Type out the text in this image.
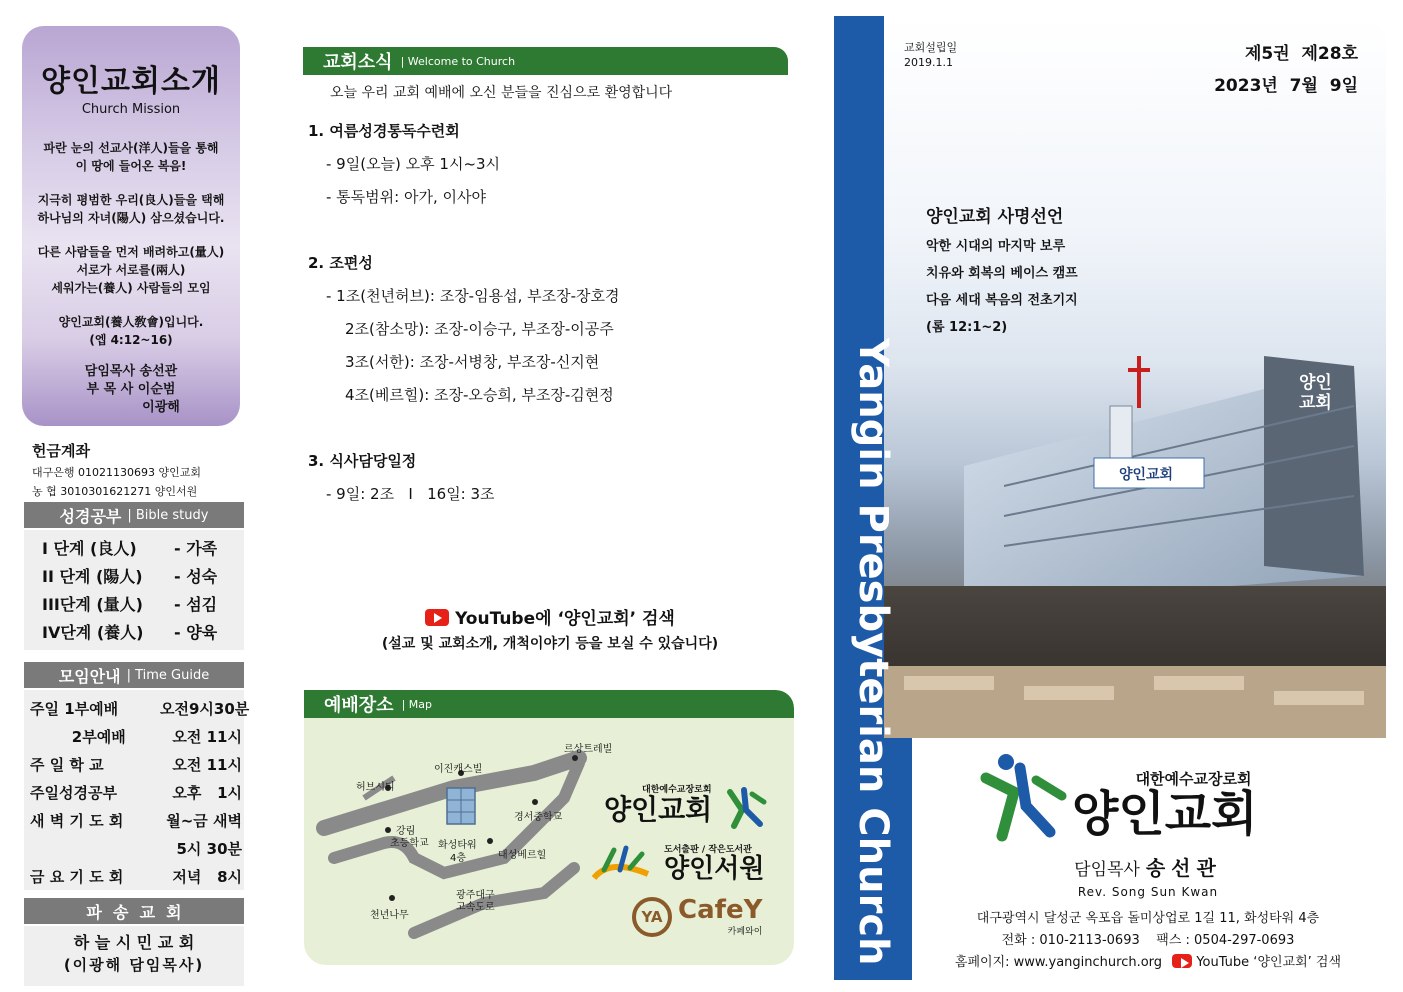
양인교회소개
Church Mission

파란 눈의 선교사(洋人)들을 통해
이 땅에 들어온 복음!

지극히 평범한 우리(良人)들을 택해
하나님의 자녀(陽人) 삼으셨습니다.

다른 사람들을 먼저 배려하고(量人)
서로가 서로를(兩人)
세워가는(養人) 사람들의 모임

양인교회(養人敎會)입니다.
(엡 4:12~16)

담임목사 송선관
부 목 사 이순범
이광해
헌금계좌
대구은행 01021130693 양인교회
농 협 3010301621271 양인서원
성경공부 | Bible study
I 단계 (良人)	- 가족
II 단계 (陽人)	- 성숙
III단계 (量人)	- 섬김
IV단계 (養人)	- 양육
모임안내 | Time Guide
주일 1부예배	오전9시30분
2부예배	오전 11시
주 일 학 교	오전 11시
주일성경공부	오후   1시
새 벽 기 도 회	월~금 새벽
5시 30분
금 요 기 도 회	저녁   8시
파  송  교  회
하 늘 시 민 교 회
(이광해 담임목사)
교회소식 | Welcome to Church
오늘 우리 교회 예배에 오신 분들을 진심으로 환영합니다
1. 여름성경통독수련회
- 9일(오늘) 오후 1시~3시
- 통독범위: 아가, 이사야
2. 조편성
- 1조(천년허브): 조장-임용섭, 부조장-장호경
2조(참소망): 조장-이승구, 부조장-이공주
3조(서한): 조장-서병창, 부조장-신지현
4조(베르힐): 조장-오승희, 부조장-김현정
3. 식사담당일정
- 9일: 2조   I   16일: 3조
YouTube에 ‘양인교회’ 검색
(설교 및 교회소개, 개척이야기 등을 보실 수 있습니다)
예배장소 | Map
허브시티
이진캐스빌
르상트레빌
강림
초등학교 화성타워
4층
경서중학교
대성베르힐
천년나무
광주대구
고속도로
대한예수교장로회
양인교회
도서출판 / 작은도서관
양인서원
YA CafeY
카페와이
교회설립일
2019.1.1	제5권  제28호
2023년  7월  9일
양인교회 사명선언
악한 시대의 마지막 보루
치유와 회복의 베이스 캠프
다음 세대 복음의 전초기지
(롬 12:1~2)
양인교회
양인
교회
Yangin Presbyterian Church	대한예수교장로회
양인교회
담임목사 송선관
Rev. Song Sun Kwan
대구광역시 달성군 옥포읍 돌미상업로 1길 11, 화성타워 4층
전화 : 010-2113-0693    팩스 : 0504-297-0693
홈페이지: www.yanginchurch.org	YouTube ‘양인교회’ 검색
